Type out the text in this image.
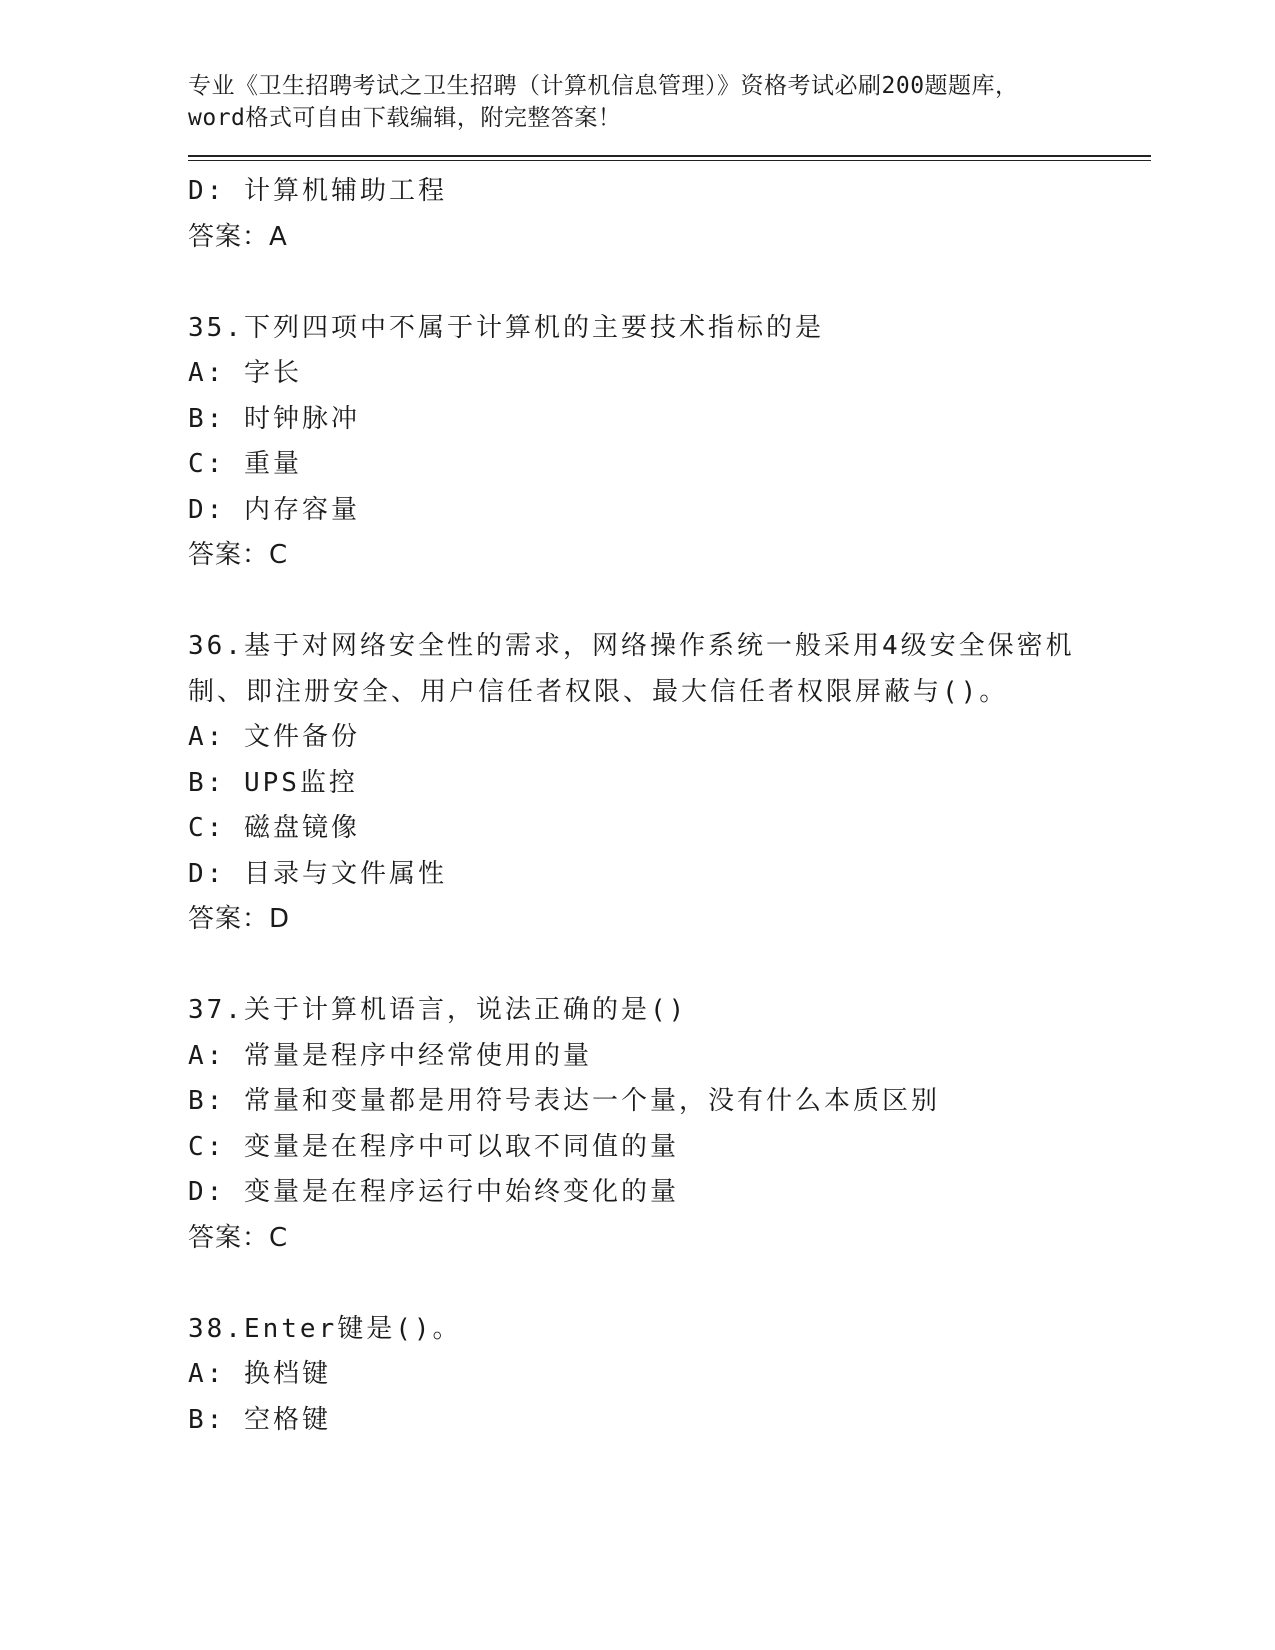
专业《卫生招聘考试之卫生招聘（计算机信息管理）》资格考试必刷200题题库，
word格式可自由下载编辑，附完整答案！
D: 计算机辅助工程
答案：A
35.下列四项中不属于计算机的主要技术指标的是
A: 字长
B: 时钟脉冲
C: 重量
D: 内存容量
答案：C
36.基于对网络安全性的需求，网络操作系统一般采用4级安全保密机
制、即注册安全、用户信任者权限、最大信任者权限屏蔽与()。
A: 文件备份
B: UPS监控
C: 磁盘镜像
D: 目录与文件属性
答案：D
37.关于计算机语言，说法正确的是()
A: 常量是程序中经常使用的量
B: 常量和变量都是用符号表达一个量，没有什么本质区别
C: 变量是在程序中可以取不同值的量
D: 变量是在程序运行中始终变化的量
答案：C
38.Enter键是()。
A: 换档键
B: 空格键
